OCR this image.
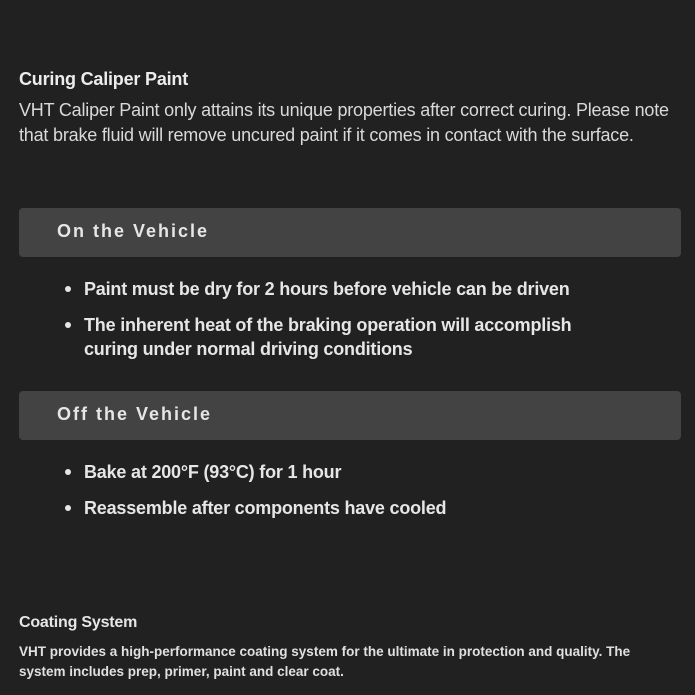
Curing Caliper Paint

VHT Caliper Paint only attains its unique properties after correct curing. Please note that brake fluid will remove uncured paint if it comes in contact with the surface.

On the Vehicle
Paint must be dry for 2 hours before vehicle can be driven
The inherent heat of the braking operation will accomplish curing under normal driving conditions
Off the Vehicle
Bake at 200°F (93°C) for 1 hour
Reassemble after components have cooled
Coating System

VHT provides a high-performance coating system for the ultimate in protection and quality. The system includes prep, primer, paint and clear coat.
